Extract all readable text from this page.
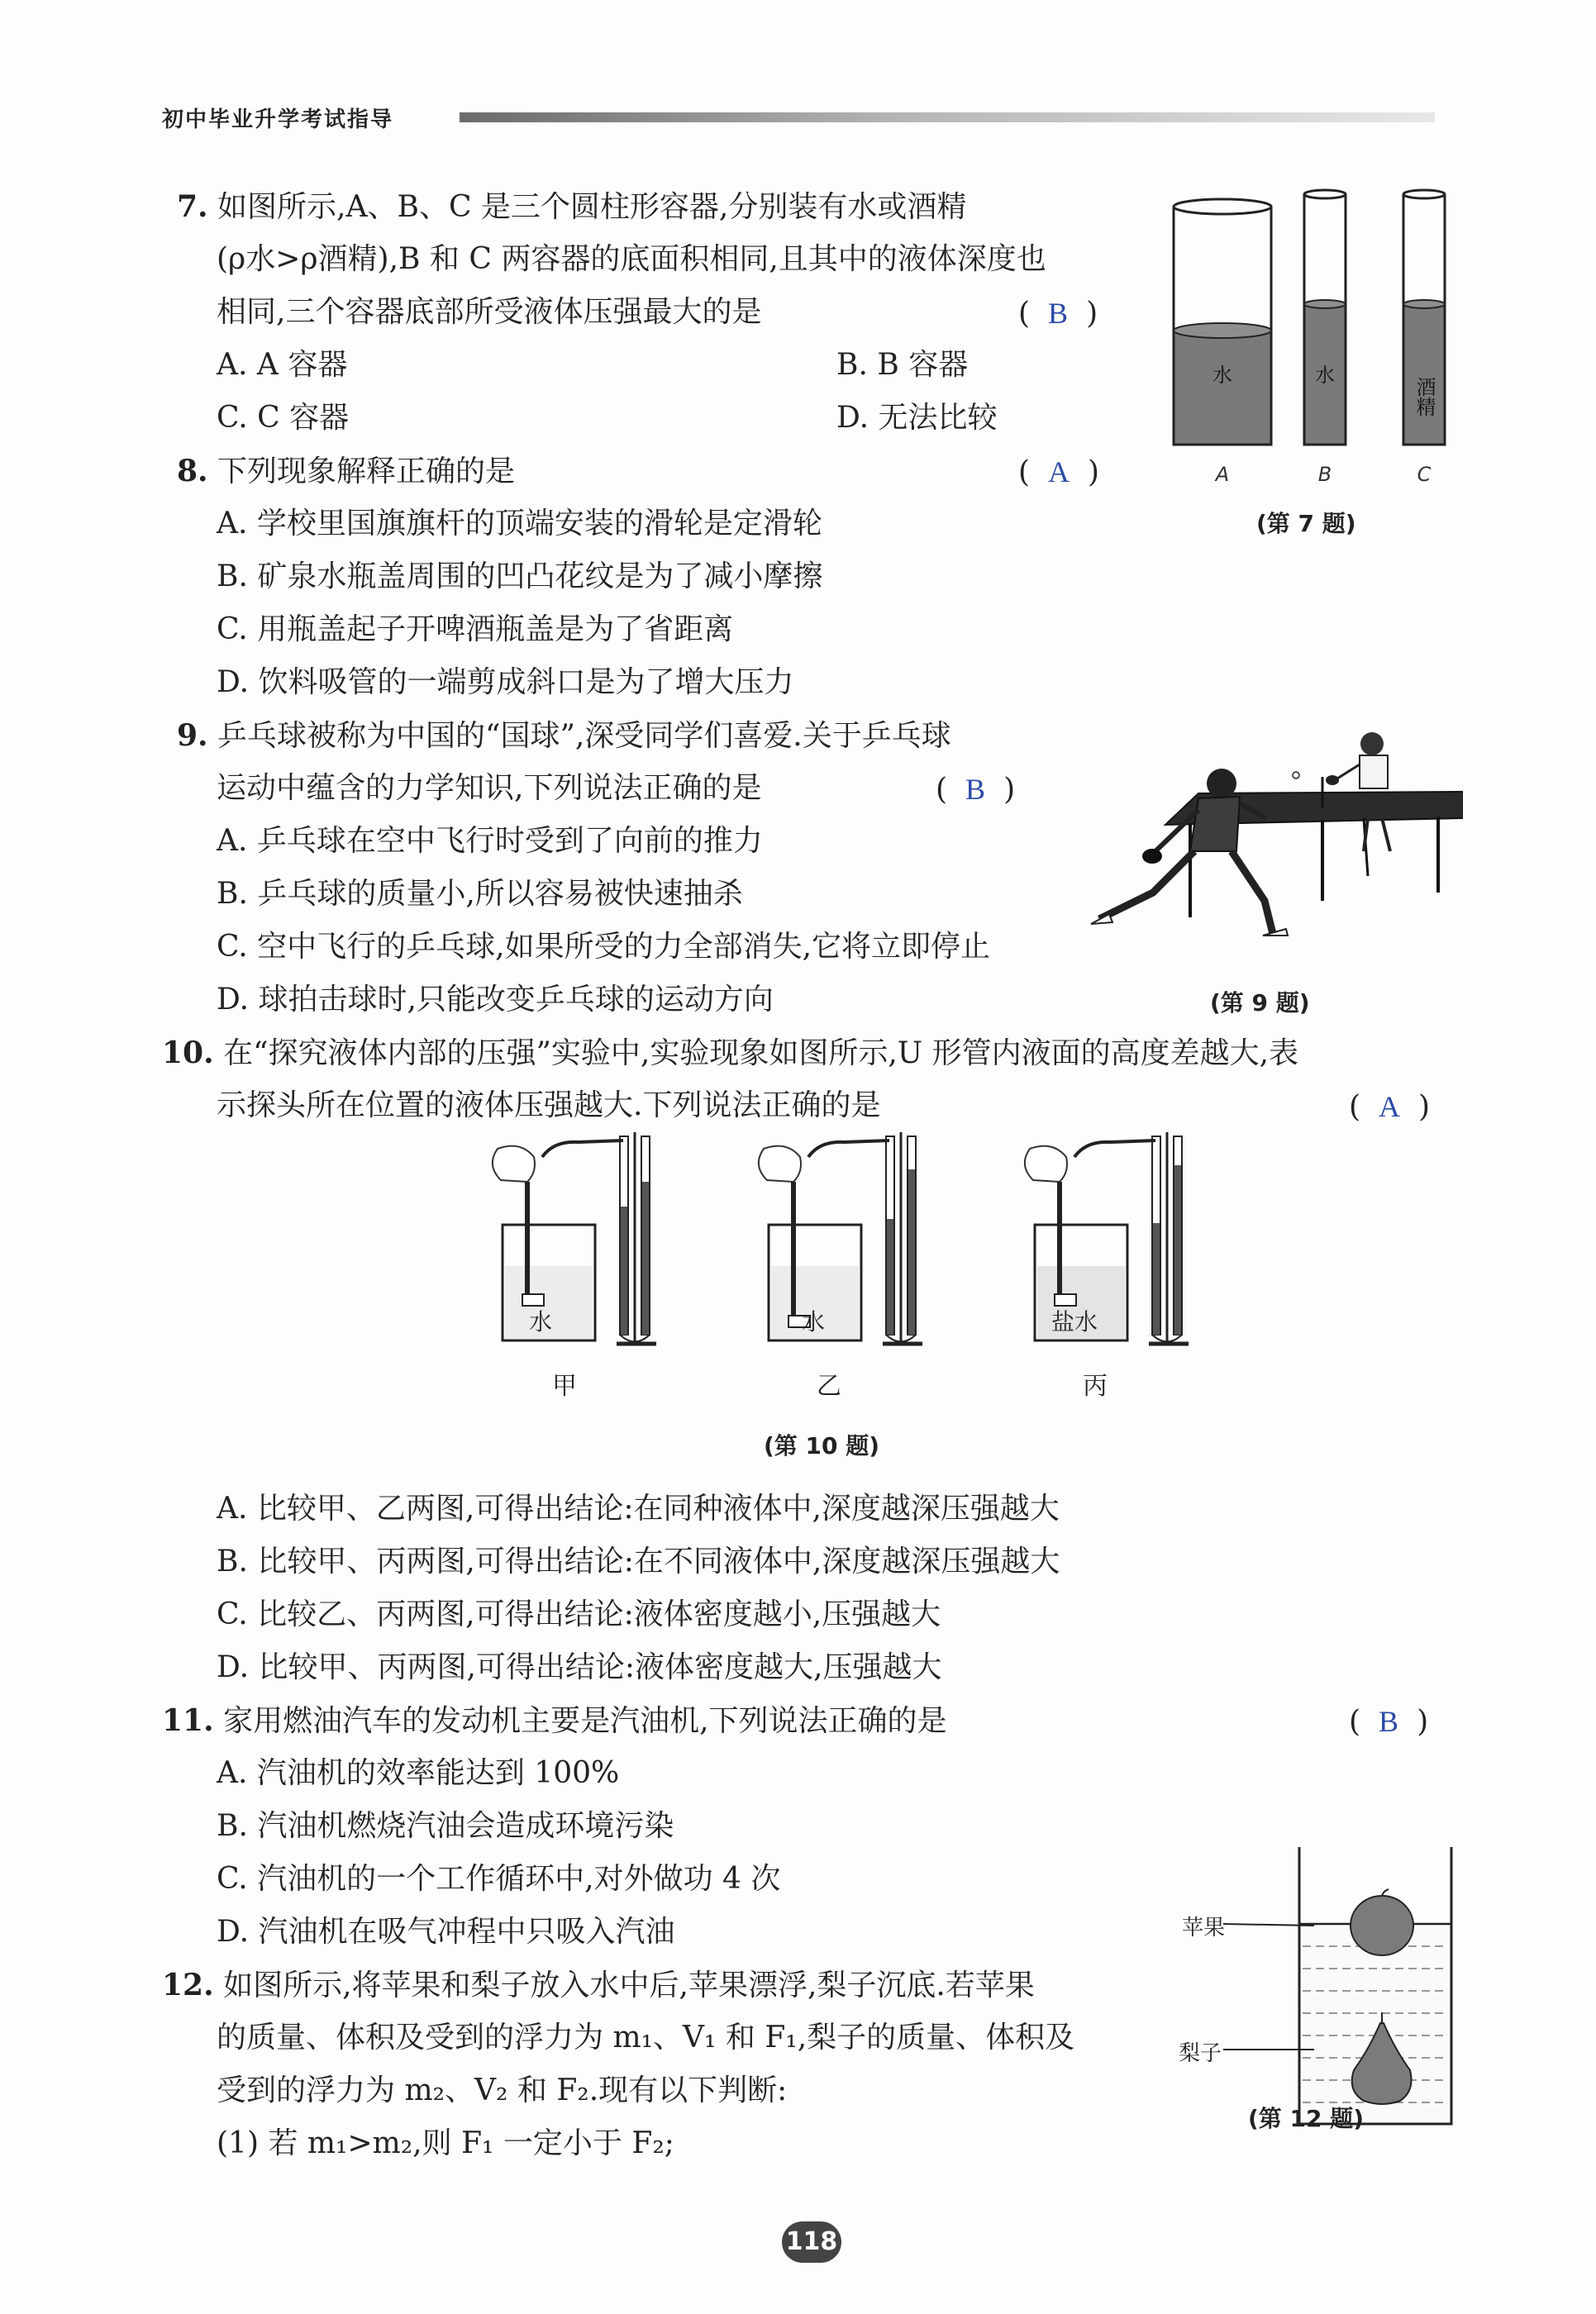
初中毕业升学考试指导
7. 如图所示,A、B、C 是三个圆柱形容器,分别装有水或酒精
(ρ水>ρ酒精),B 和 C 两容器的底面积相同,且其中的液体深度也
相同,三个容器底部所受液体压强最大的是	( B )
A. A 容器	B. B 容器
C. C 容器	D. 无法比较
水	水
酒精
A	B	C
(第 7 题)
8. 下列现象解释正确的是	( A )
A. 学校里国旗旗杆的顶端安装的滑轮是定滑轮
B. 矿泉水瓶盖周围的凹凸花纹是为了减小摩擦
C. 用瓶盖起子开啤酒瓶盖是为了省距离
D. 饮料吸管的一端剪成斜口是为了增大压力
9. 乒乓球被称为中国的“国球”,深受同学们喜爱.关于乒乓球
运动中蕴含的力学知识,下列说法正确的是	( B )
A. 乒乓球在空中飞行时受到了向前的推力
B. 乒乓球的质量小,所以容易被快速抽杀
C. 空中飞行的乒乓球,如果所受的力全部消失,它将立即停止
D. 球拍击球时,只能改变乒乓球的运动方向	(第 9 题)
10. 在“探究液体内部的压强”实验中,实验现象如图所示,U 形管内液面的高度差越大,表
示探头所在位置的液体压强越大.下列说法正确的是	( A )
水	水	盐水
甲	乙	丙
(第 10 题)
A. 比较甲、乙两图,可得出结论:在同种液体中,深度越深压强越大
B. 比较甲、丙两图,可得出结论:在不同液体中,深度越深压强越大
C. 比较乙、丙两图,可得出结论:液体密度越小,压强越大
D. 比较甲、丙两图,可得出结论:液体密度越大,压强越大
11. 家用燃油汽车的发动机主要是汽油机,下列说法正确的是	( B )
A. 汽油机的效率能达到 100%
B. 汽油机燃烧汽油会造成环境污染
C. 汽油机的一个工作循环中,对外做功 4 次
D. 汽油机在吸气冲程中只吸入汽油
12. 如图所示,将苹果和梨子放入水中后,苹果漂浮,梨子沉底.若苹果
的质量、体积及受到的浮力为 m₁、V₁ 和 F₁,梨子的质量、体积及
受到的浮力为 m₂、V₂ 和 F₂.现有以下判断:
(1) 若 m₁>m₂,则 F₁ 一定小于 F₂;
苹果
梨子
(第 12 题)
118
